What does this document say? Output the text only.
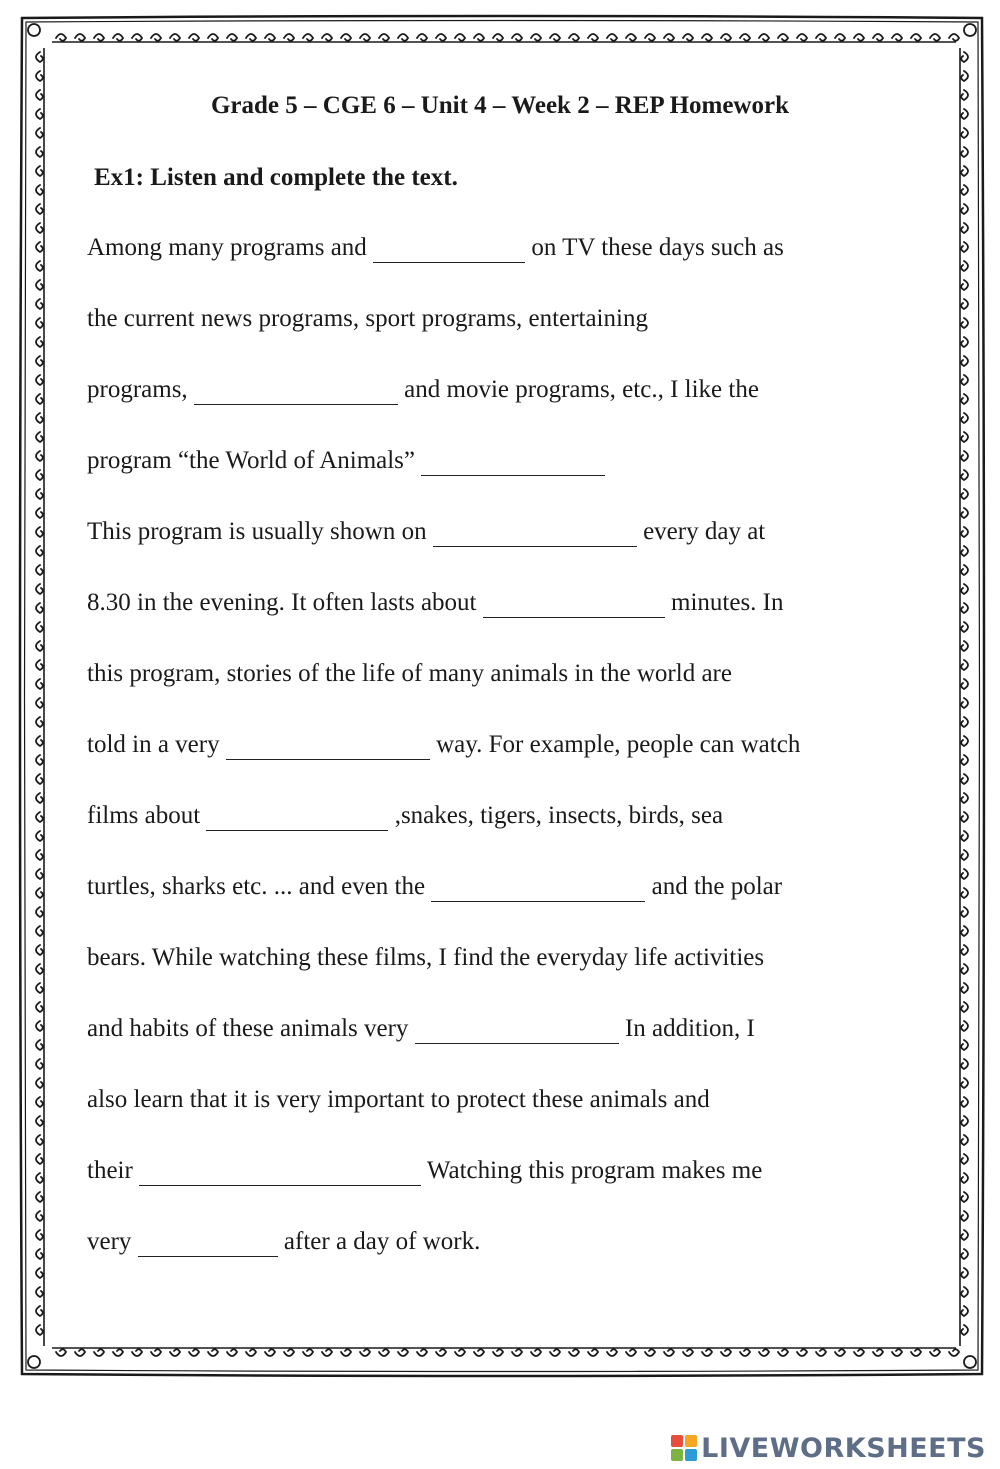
Grade 5 – CGE 6 – Unit 4 – Week 2 – REP Homework
Ex1: Listen and complete the text.
Among many programs and	on TV these days such as
the current news programs, sport programs, entertaining
programs,	and movie programs, etc., I like the
program “the World of Animals”
This program is usually shown on	every day at
8.30 in the evening. It often lasts about	minutes. In
this program, stories of the life of many animals in the world are
told in a very	way. For example, people can watch
films about	,snakes, tigers, insects, birds, sea
turtles, sharks etc. ... and even the	and the polar
bears. While watching these films, I find the everyday life activities
and habits of these animals very	In addition, I
also learn that it is very important to protect these animals and
their	Watching this program makes me
very	after a day of work.
LIVEWORKSHEETS
